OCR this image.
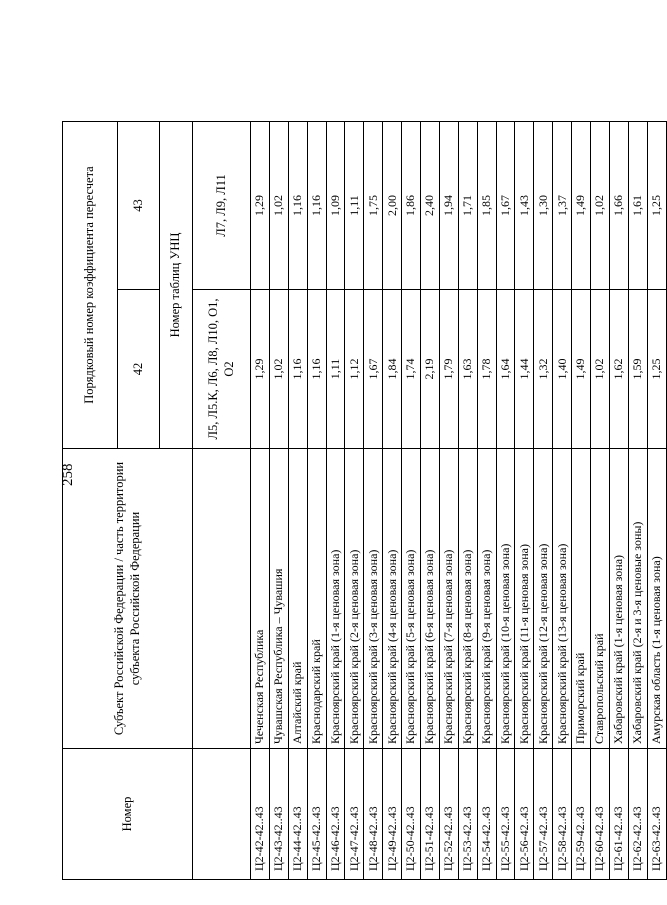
258
Номер	Субъект Российской Федерации / часть территории субъекта Российской Федерации	Порядковый номер коэффициента пересчета	
		42	43
		Номер таблиц УНЦ	
		Л5, Л5.К, Л6, Л8, Л10, О1, О2	Л7, Л9, Л11
Ц2-42-42..43	Чеченская Республика	1,29	1,29
Ц2-43-42..43	Чувашская Республика – Чувашия	1,02	1,02
Ц2-44-42..43	Алтайский край	1,16	1,16
Ц2-45-42..43	Краснодарский край	1,16	1,16
Ц2-46-42..43	Красноярский край (1-я ценовая зона)	1,11	1,09
Ц2-47-42..43	Красноярский край (2-я ценовая зона)	1,12	1,11
Ц2-48-42..43	Красноярский край (3-я ценовая зона)	1,67	1,75
Ц2-49-42..43	Красноярский край (4-я ценовая зона)	1,84	2,00
Ц2-50-42..43	Красноярский край (5-я ценовая зона)	1,74	1,86
Ц2-51-42..43	Красноярский край (6-я ценовая зона)	2,19	2,40
Ц2-52-42..43	Красноярский край (7-я ценовая зона)	1,79	1,94
Ц2-53-42..43	Красноярский край (8-я ценовая зона)	1,63	1,71
Ц2-54-42..43	Красноярский край (9-я ценовая зона)	1,78	1,85
Ц2-55-42..43	Красноярский край (10-я ценовая зона)	1,64	1,67
Ц2-56-42..43	Красноярский край (11-я ценовая зона)	1,44	1,43
Ц2-57-42..43	Красноярский край (12-я ценовая зона)	1,32	1,30
Ц2-58-42..43	Красноярский край (13-я ценовая зона)	1,40	1,37
Ц2-59-42..43	Приморский край	1,49	1,49
Ц2-60-42..43	Ставропольский край	1,02	1,02
Ц2-61-42..43	Хабаровский край (1-я ценовая зона)	1,62	1,66
Ц2-62-42..43	Хабаровский край (2-я и 3-я ценовые зоны)	1,59	1,61
Ц2-63-42..43	Амурская область (1-я ценовая зона)	1,25	1,25
